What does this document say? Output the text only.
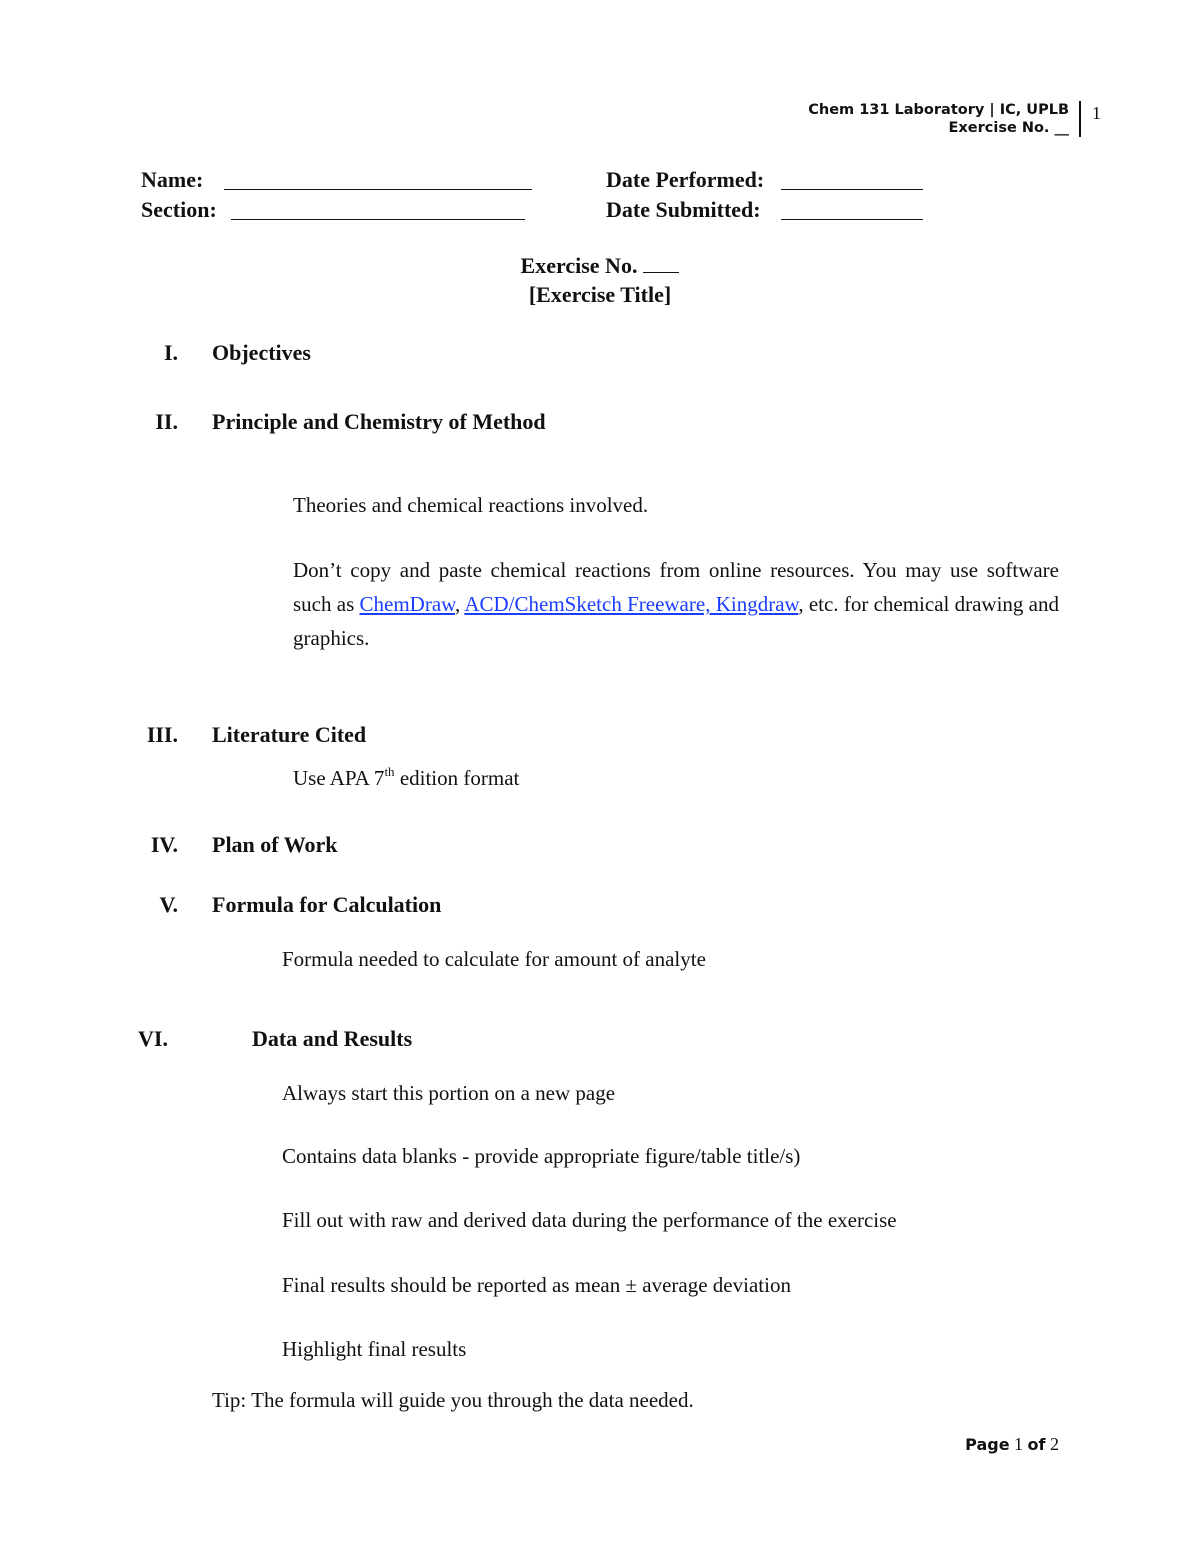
Chem 131 Laboratory | IC, UPLB
Exercise No. __
1
Name:
Section:
Date Performed:
Date Submitted:
Exercise No.
[Exercise Title]
I. Objectives
II. Principle and Chemistry of Method
Theories and chemical reactions involved.
Don’t copy and paste chemical reactions from online resources. You may use software such as ChemDraw, ACD/ChemSketch Freeware, Kingdraw, etc. for chemical drawing and graphics.
III. Literature Cited
Use APA 7th edition format
IV. Plan of Work
V. Formula for Calculation
Formula needed to calculate for amount of analyte
VI.	Data and Results
Always start this portion on a new page
Contains data blanks - provide appropriate figure/table title/s)
Fill out with raw and derived data during the performance of the exercise
Final results should be reported as mean ± average deviation
Highlight final results
Tip: The formula will guide you through the data needed.
Page 1 of 2
